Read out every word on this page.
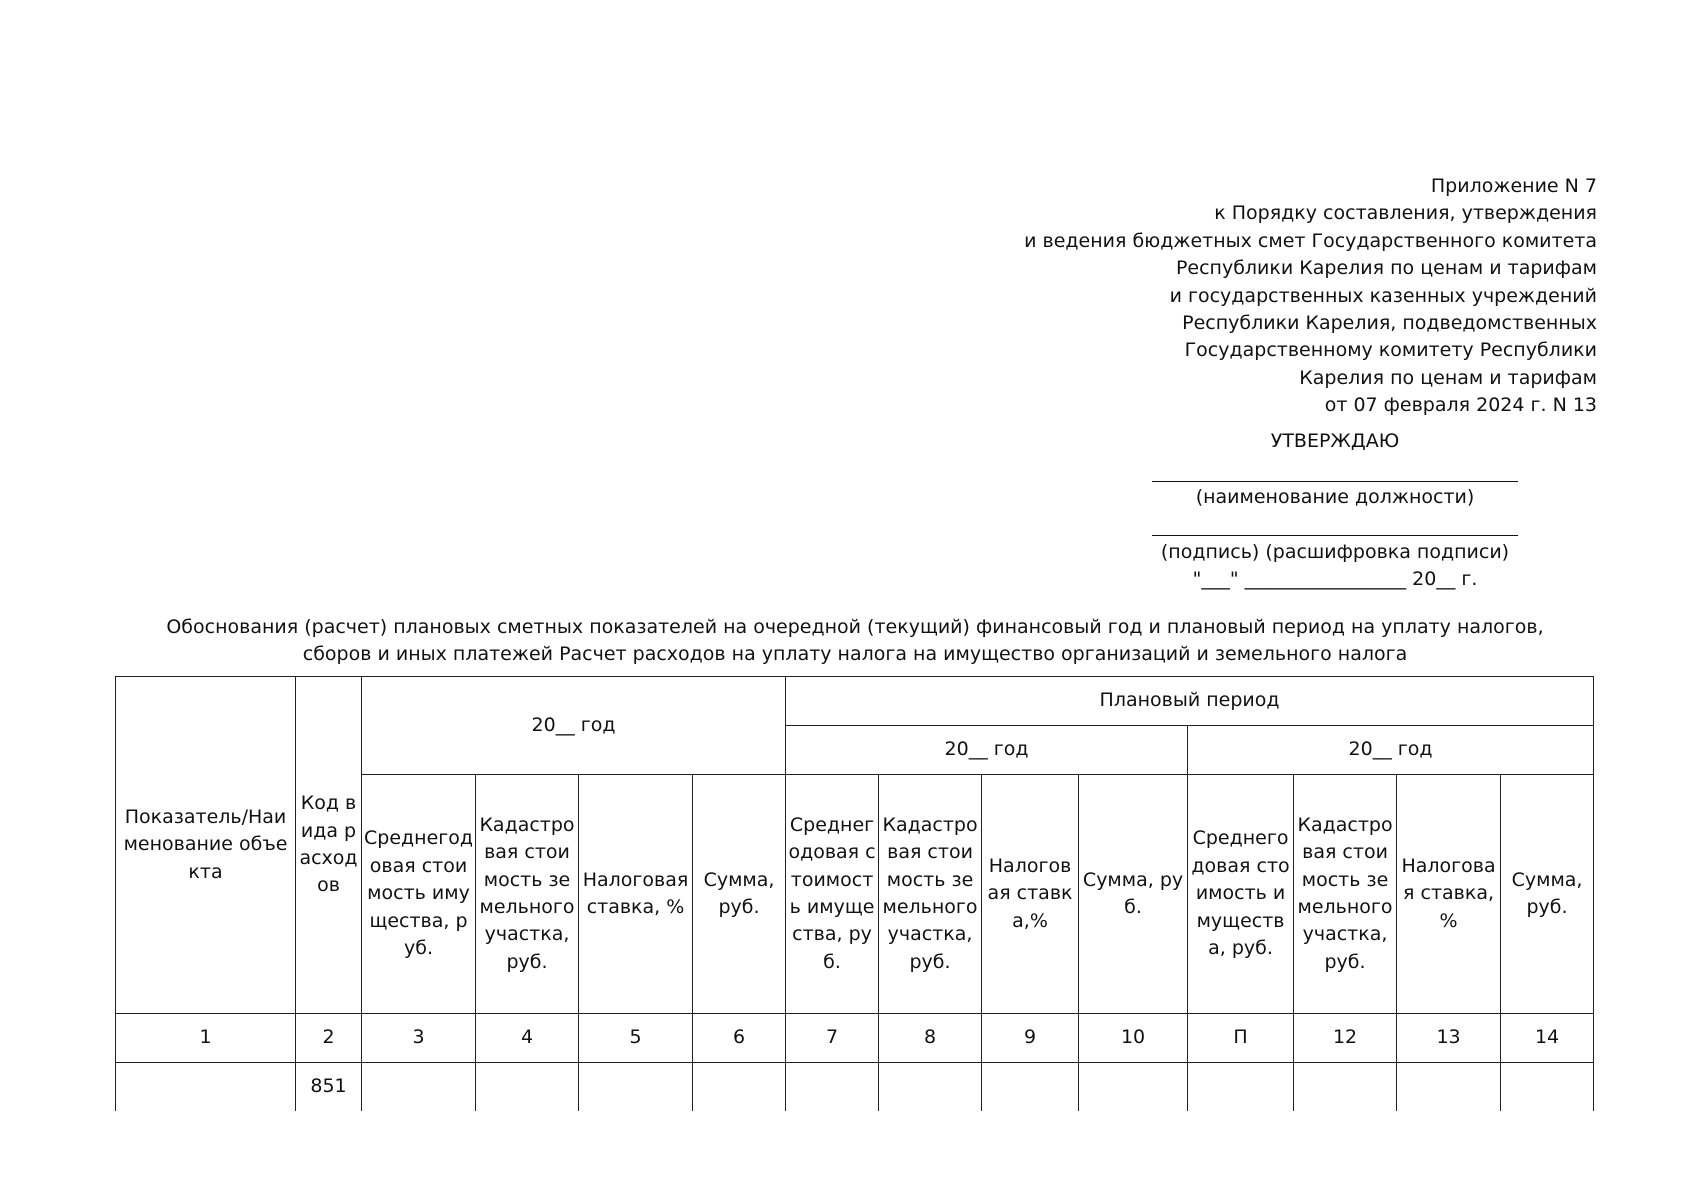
Приложение N 7
к Порядку составления, утверждения
и ведения бюджетных смет Государственного комитета
Республики Карелия по ценам и тарифам
и государственных казенных учреждений
Республики Карелия, подведомственных
Государственному комитету Республики
Карелия по ценам и тарифам
от 07 февраля 2024 г. N 13
УТВЕРЖДАЮ
(наименование должности)
(подпись) (расшифровка подписи)
"___" _________________ 20__ г.
Обоснования (расчет) плановых сметных показателей на очередной (текущий) финансовый год и плановый период на уплату налогов, сборов и иных платежей Расчет расходов на уплату налога на имущество организаций и земельного налога
Показатель/Наименование объекта	Код вида расходов	20__ год				Плановый период							
						20__ год				20__ год			
		Среднегодовая стоимость имущества, руб.	Кадастровая стоимость земельного участка, руб.	Налоговая ставка, %	Сумма, руб.	Среднегодовая стоимость имущества, руб.	Кадастровая стоимость земельного участка, руб.	Налоговая ставка,%	Сумма, руб.	Среднегодовая стоимость имущества, руб.	Кадастровая стоимость земельного участка, руб.	Налоговая ставка, %	Сумма, руб.
1	2	3	4	5	6	7	8	9	10	П	12	13	14
	851												
